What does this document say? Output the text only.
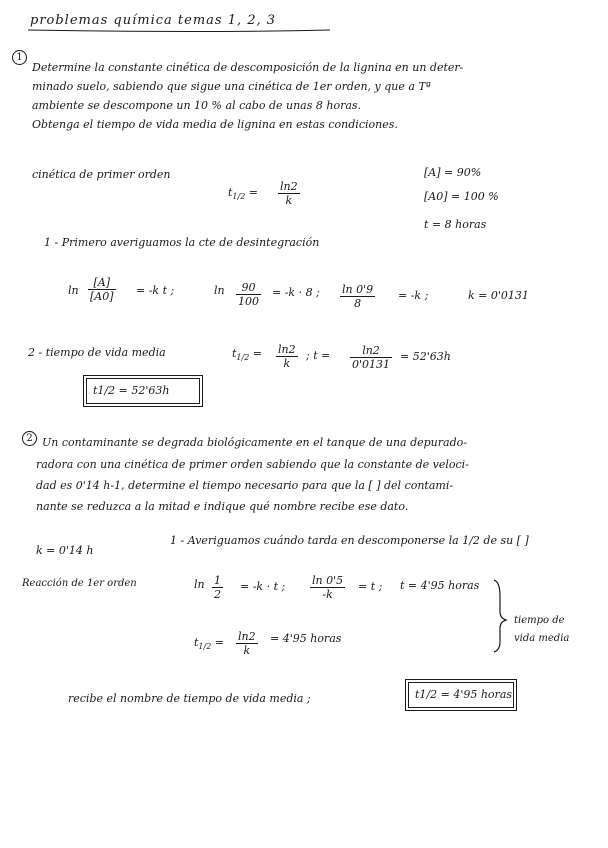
problemas química temas 1, 2, 3
1
Determine la constante cinética de descomposición de la lignina en un deter-
minado suelo, sabiendo que sigue una cinética de 1er orden, y que a Tª
ambiente se descompone un 10 % al cabo de unas 8 horas.
Obtenga el tiempo de vida media de lignina en estas condiciones.
cinética de primer orden
$t_{1/2} = \frac{\ln 2}{k}$
[A] = 90%
[A0] = 100 %
t = 8 horas
1 - Primero averiguamos la cte de desintegración
$\ln \frac{[A]}{[A0]} = -k$ t ;	$\ln \frac{90}{100} = -k \cdot 8$ ; $\frac{\ln 0'9}{8} = -k$ ;	k = 0'0131
2 - tiempo de vida media	$t_{1/2} = \frac{\ln 2}{k}$ ; $t = \frac{\ln 2}{0'0131} = 52'63h$
t1/2 = 52'63h
2 Un contaminante se degrada biológicamente en el tanque de una depurado-
radora con una cinética de primer orden sabiendo que la constante de veloci-
dad es 0'14 h-1, determine el tiempo necesario para que la [ ] del contami-
nante se reduzca a la mitad e indique qué nombre recibe ese dato.
k = 0'14 h
1 - Averiguamos cuándo tarda en descomponerse la 1/2 de su [ ]
Reacción de 1er orden	$\ln \frac{1}{2} = -k \cdot t$ ; $\frac{\ln 0'5}{-k} = t$ ; t = 4'95 horas
$t_{1/2} = \frac{\ln 2}{k} = 4'95$ horas
tiempo de
vida media
recibe el nombre de tiempo de vida media ;	t1/2 = 4'95 horas
